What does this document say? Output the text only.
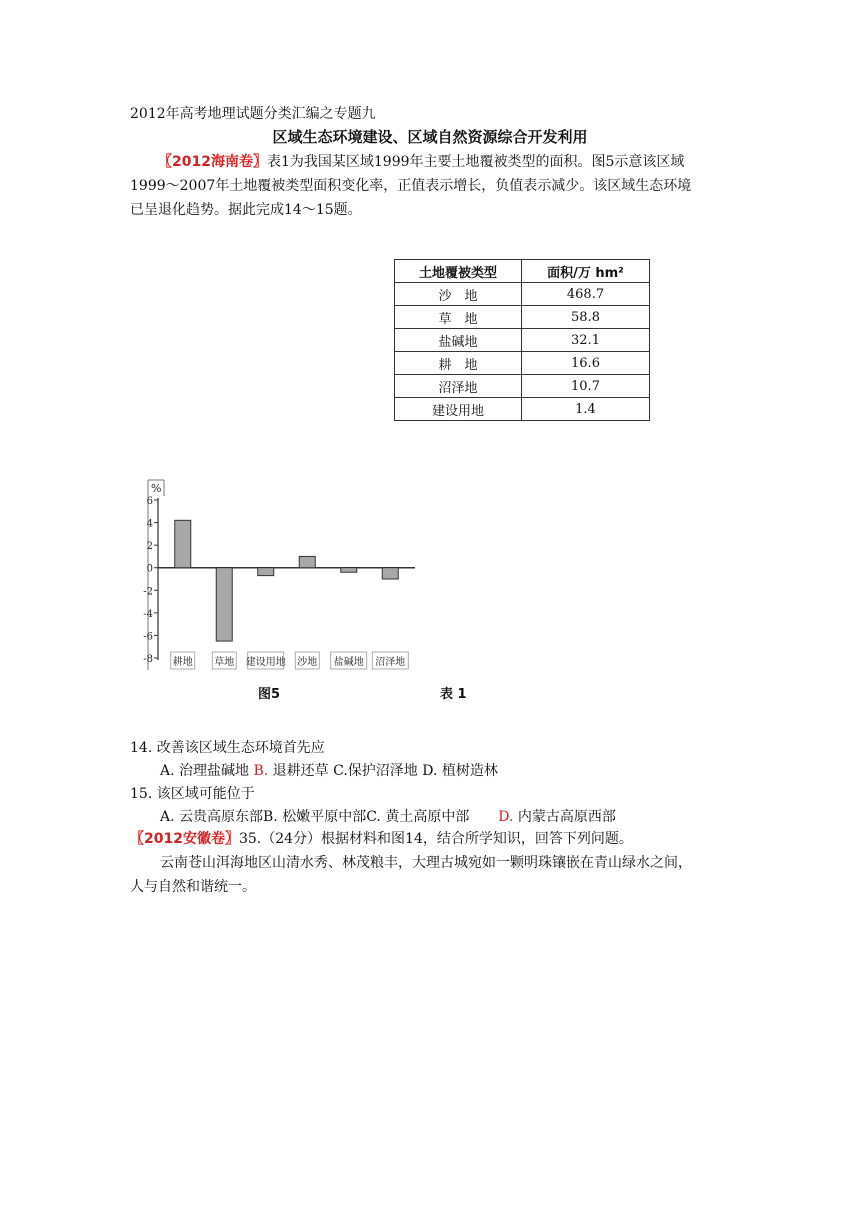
2012年高考地理试题分类汇编之专题九
区域生态环境建设、区域自然资源综合开发利用
〖2012海南卷〗表1为我国某区域1999年主要土地覆被类型的面积。图5示意该区域
1999～2007年土地覆被类型面积变化率，正值表示增长，负值表示减少。该区域生态环境
已呈退化趋势。据此完成14～15题。
土地覆被类型	面积/万 hm²
沙　地	468.7
草　地	58.8
盐碱地	32.1
耕　地	16.6
沼泽地	10.7
建设用地	1.4
%
6
4
2
0
-2
-4
-6
-8 耕地 草地 建设用地 沙地 盐碱地 沼泽地
图5	表 1
14. 改善该区域生态环境首先应
A. 治理盐碱地 B. 退耕还草 C.保护沼泽地 D. 植树造林
15. 该区域可能位于
A. 云贵高原东部B. 松嫩平原中部C. 黄土高原中部 D. 内蒙古高原西部
〖2012安徽卷〗35.（24分）根据材料和图14，结合所学知识，回答下列问题。
云南苍山洱海地区山清水秀、林茂粮丰，大理古城宛如一颗明珠镶嵌在青山绿水之间，
人与自然和谐统一。
